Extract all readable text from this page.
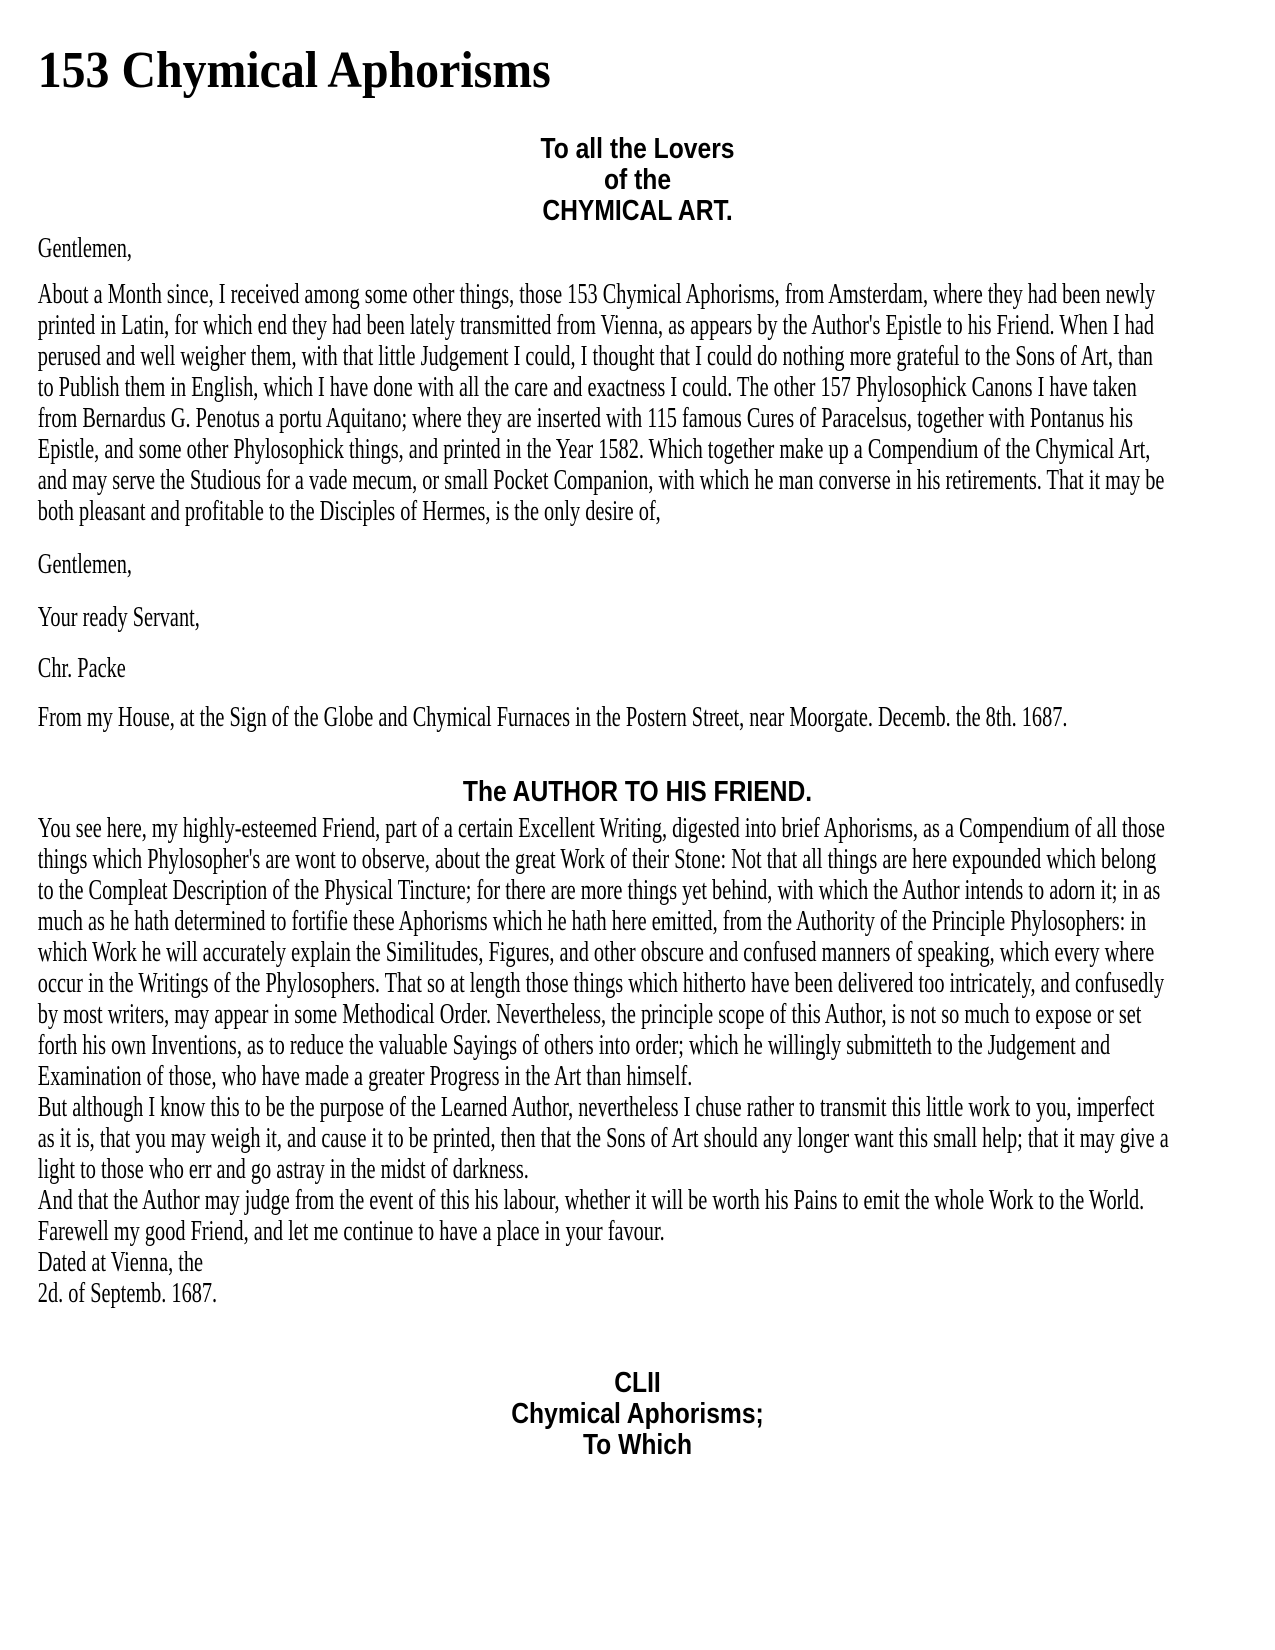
153 Chymical Aphorisms
To all the Lovers
of the
CHYMICAL ART.

Gentlemen,

About a Month since, I received among some other things, those 153 Chymical Aphorisms, from Amsterdam, where they had been newly printed in Latin, for which end they had been lately transmitted from Vienna, as appears by the Author's Epistle to his Friend. When I had perused and well weigher them, with that little Judgement I could, I thought that I could do nothing more grateful to the Sons of Art, than to Publish them in English, which I have done with all the care and exactness I could. The other 157 Phylosophick Canons I have taken from Bernardus G. Penotus a portu Aquitano; where they are inserted with 115 famous Cures of Paracelsus, together with Pontanus his Epistle, and some other Phylosophick things, and printed in the Year 1582. Which together make up a Compendium of the Chymical Art, and may serve the Studious for a vade mecum, or small Pocket Companion, with which he man converse in his retirements. That it may be both pleasant and profitable to the Disciples of Hermes, is the only desire of,

Gentlemen,

Your ready Servant,

Chr. Packe

From my House, at the Sign of the Globe and Chymical Furnaces in the Postern Street, near Moorgate. Decemb. the 8th. 1687.

The AUTHOR TO HIS FRIEND.
You see here, my highly-esteemed Friend, part of a certain Excellent Writing, digested into brief Aphorisms, as a Compendium of all those things which Phylosopher's are wont to observe, about the great Work of their Stone: Not that all things are here expounded which belong to the Compleat Description of the Physical Tincture; for there are more things yet behind, with which the Author intends to adorn it; in as much as he hath determined to fortifie these Aphorisms which he hath here emitted, from the Authority of the Principle Phylosophers: in which Work he will accurately explain the Similitudes, Figures, and other obscure and confused manners of speaking, which every where occur in the Writings of the Phylosophers. That so at length those things which hitherto have been delivered too intricately, and confusedly by most writers, may appear in some Methodical Order. Nevertheless, the principle scope of this Author, is not so much to expose or set forth his own Inventions, as to reduce the valuable Sayings of others into order; which he willingly submitteth to the Judgement and Examination of those, who have made a greater Progress in the Art than himself.
But although I know this to be the purpose of the Learned Author, nevertheless I chuse rather to transmit this little work to you, imperfect as it is, that you may weigh it, and cause it to be printed, then that the Sons of Art should any longer want this small help; that it may give a light to those who err and go astray in the midst of darkness.
And that the Author may judge from the event of this his labour, whether it will be worth his Pains to emit the whole Work to the World. Farewell my good Friend, and let me continue to have a place in your favour.
Dated at Vienna, the
2d. of Septemb. 1687.
CLII
Chymical Aphorisms;
To Which
